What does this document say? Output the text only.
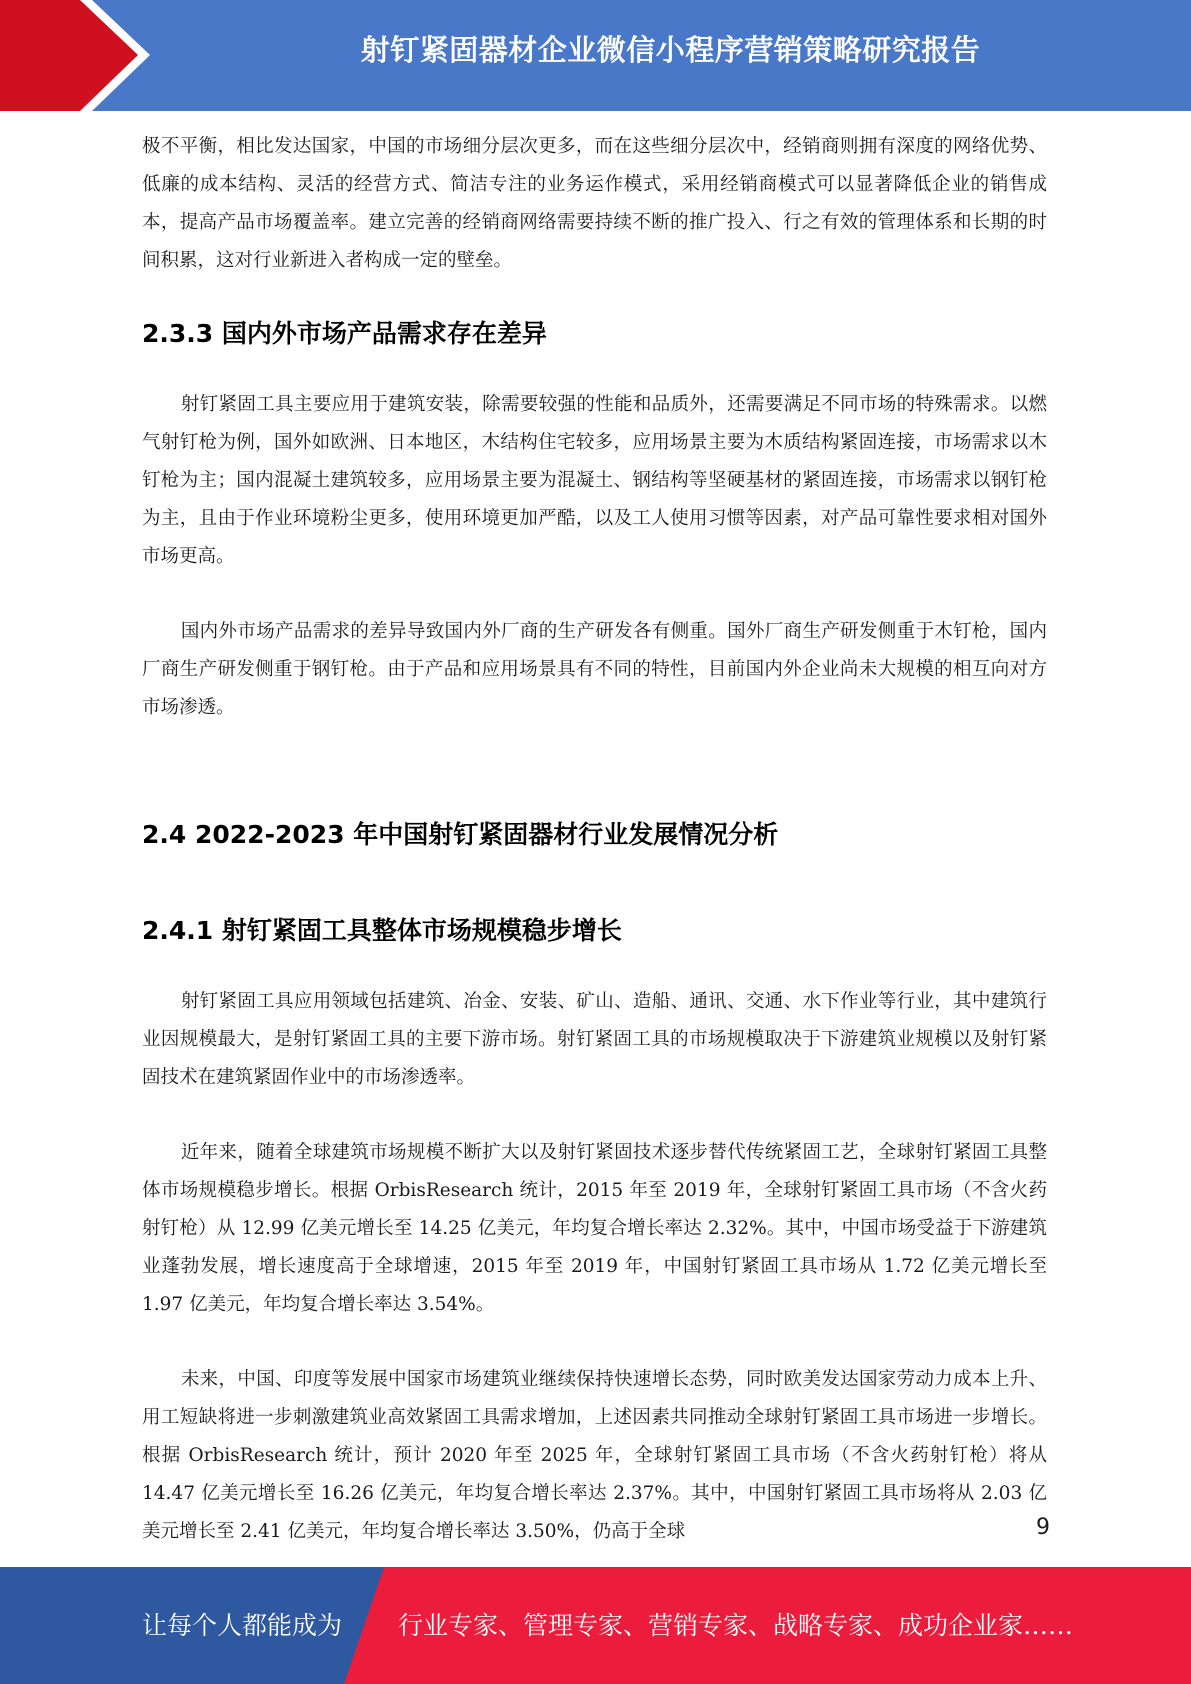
射钉紧固器材企业微信小程序营销策略研究报告

极不平衡，相比发达国家，中国的市场细分层次更多，而在这些细分层次中，经销商则拥有深度的网络优势、低廉的成本结构、灵活的经营方式、简洁专注的业务运作模式，采用经销商模式可以显著降低企业的销售成本，提高产品市场覆盖率。建立完善的经销商网络需要持续不断的推广投入、行之有效的管理体系和长期的时间积累，这对行业新进入者构成一定的壁垒。

2.3.3 国内外市场产品需求存在差异

射钉紧固工具主要应用于建筑安装，除需要较强的性能和品质外，还需要满足不同市场的特殊需求。以燃气射钉枪为例，国外如欧洲、日本地区，木结构住宅较多，应用场景主要为木质结构紧固连接，市场需求以木钉枪为主；国内混凝土建筑较多，应用场景主要为混凝土、钢结构等坚硬基材的紧固连接，市场需求以钢钉枪为主，且由于作业环境粉尘更多，使用环境更加严酷，以及工人使用习惯等因素，对产品可靠性要求相对国外市场更高。

国内外市场产品需求的差异导致国内外厂商的生产研发各有侧重。国外厂商生产研发侧重于木钉枪，国内厂商生产研发侧重于钢钉枪。由于产品和应用场景具有不同的特性，目前国内外企业尚未大规模的相互向对方市场渗透。

2.4 2022-2023 年中国射钉紧固器材行业发展情况分析
2.4.1 射钉紧固工具整体市场规模稳步增长

射钉紧固工具应用领域包括建筑、冶金、安装、矿山、造船、通讯、交通、水下作业等行业，其中建筑行业因规模最大，是射钉紧固工具的主要下游市场。射钉紧固工具的市场规模取决于下游建筑业规模以及射钉紧固技术在建筑紧固作业中的市场渗透率。

近年来，随着全球建筑市场规模不断扩大以及射钉紧固技术逐步替代传统紧固工艺，全球射钉紧固工具整体市场规模稳步增长。根据 OrbisResearch 统计，2015 年至 2019 年，全球射钉紧固工具市场（不含火药射钉枪）从 12.99 亿美元增长至 14.25 亿美元，年均复合增长率达 2.32%。其中，中国市场受益于下游建筑业蓬勃发展，增长速度高于全球增速，2015 年至 2019 年，中国射钉紧固工具市场从 1.72 亿美元增长至 1.97 亿美元，年均复合增长率达 3.54%。

未来，中国、印度等发展中国家市场建筑业继续保持快速增长态势，同时欧美发达国家劳动力成本上升、用工短缺将进一步刺激建筑业高效紧固工具需求增加，上述因素共同推动全球射钉紧固工具市场进一步增长。根据 OrbisResearch 统计，预计 2020 年至 2025 年，全球射钉紧固工具市场（不含火药射钉枪）将从 14.47 亿美元增长至 16.26 亿美元，年均复合增长率达 2.37%。其中，中国射钉紧固工具市场将从 2.03 亿美元增长至 2.41 亿美元，年均复合增长率达 3.50%，仍高于全球	9
让每个人都能成为 行业专家、管理专家、营销专家、战略专家、成功企业家……
